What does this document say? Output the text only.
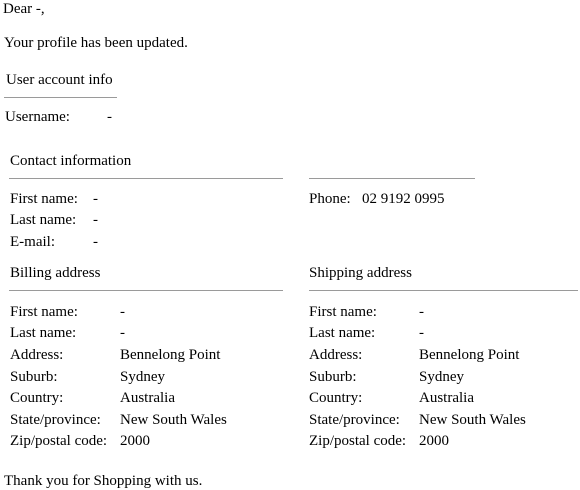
Dear -,
Your profile has been updated.
User account info
Username: -
Contact information
First name: -
Last name: -
E-mail:	-
Phone: 02 9192 0995
Billing address
First name:	-
Last name:	-
Address:	Bennelong Point
Suburb:	Sydney
Country:	Australia
State/province: New South Wales
Zip/postal code: 2000
Shipping address
First name:	-
Last name:	-
Address:	Bennelong Point
Suburb:	Sydney
Country:	Australia
State/province: New South Wales
Zip/postal code: 2000
Thank you for Shopping with us.
